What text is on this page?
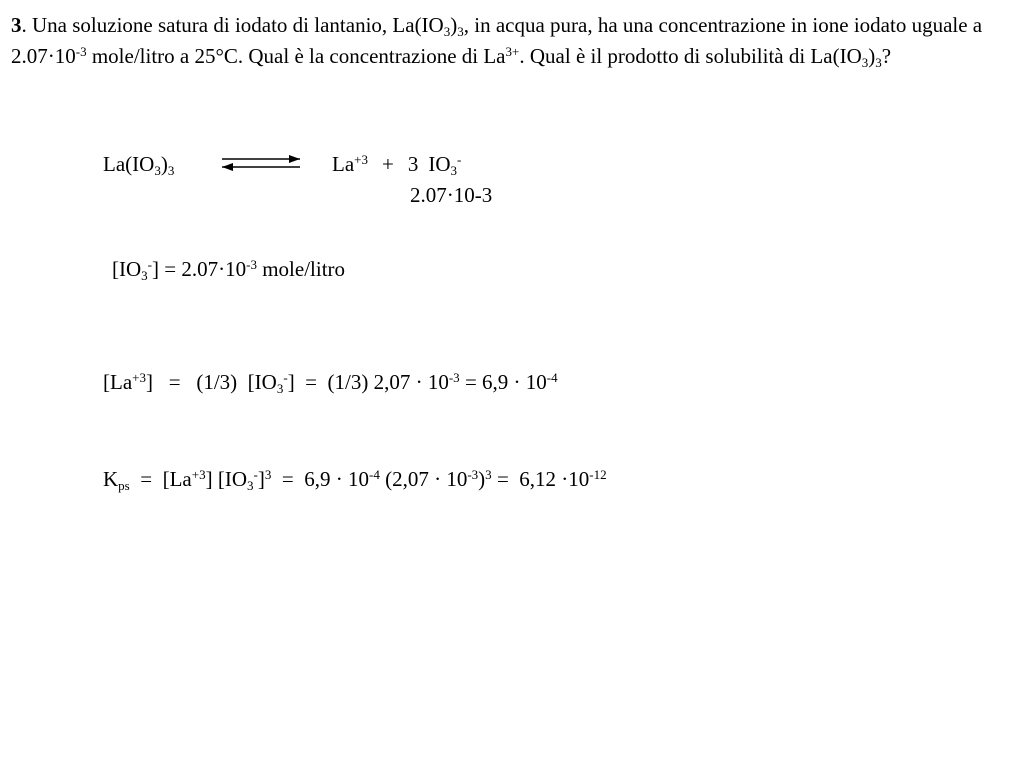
3. Una soluzione satura di iodato di lantanio, $La(IO_3)_3$, in acqua pura, ha una concentrazione in ione iodato uguale a $2.07\cdot 10^{-3}$ mole/litro a 25°C. Qual è la concentrazione di $La^{3+}$. Qual è il prodotto di solubilità di $La(IO_3)_3$?
$La(IO_3)_3$	$La^{+3} + 3$ $IO_3^-$
2.07·10-3
$[IO_3^-] = 2.07\cdot 10^{-3}$ mole/litro
$[La^{+3}] = (1/3) [IO_3^-] = (1/3) 2,07 \cdot 10^{-3} = 6,9 \cdot 10^{-4}$
$K_{ps} = [La^{+3}] [IO_3^-]^3 = 6,9 \cdot 10^{-4}$ $(2,07 \cdot 10^{-3})^3 = 6,12 \cdot 10^{-12}$
